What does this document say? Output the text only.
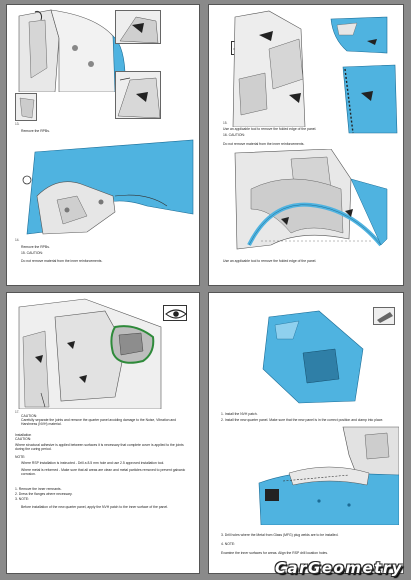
13.
Remove the RPBs.
14.
Remove the RPBs.
15. CAUTION:
Do not remove material from the inner reinforcements.
15.
Use an applicable tool to remove the folded edge of the panel.
16. CAUTION:
Do not remove material from the inner reinforcements.
Use an applicable tool to remove the folded edge of the panel.
17.
CAUTION:
Carefully separate the joints and remove the quarter panel avoiding damage to the Noise, Vibration and Harshness (NVH) material.
Installation
CAUTION:
Where structural adhesive is applied between surfaces it is necessary that complete cover is applied to the joints during the curing period.
NOTE:
Where RSP installation is instructed - Drill a 8.5 mm hole and use 2.5 approved installation tool.
Where metal is reformed - Make sure that all areas are clean and metal particles removed to prevent galvanic corrosion.
1. Remove the inner remnants.
2. Dress the flanges where necessary.
3. NOTE:
Before installation of the new quarter panel, apply the NVH patch to the inner surface of the panel.
1. Install the NVH patch.
2. Install the new quarter panel. Make sure that the new panel is in the correct position and clamp into place.
3. Drill holes where the Metal from Glass (MFG) plug welds are to be installed.
4. NOTE:
Examine the inner surfaces for areas. Align the RSP drill location holes.
CarGeometry
